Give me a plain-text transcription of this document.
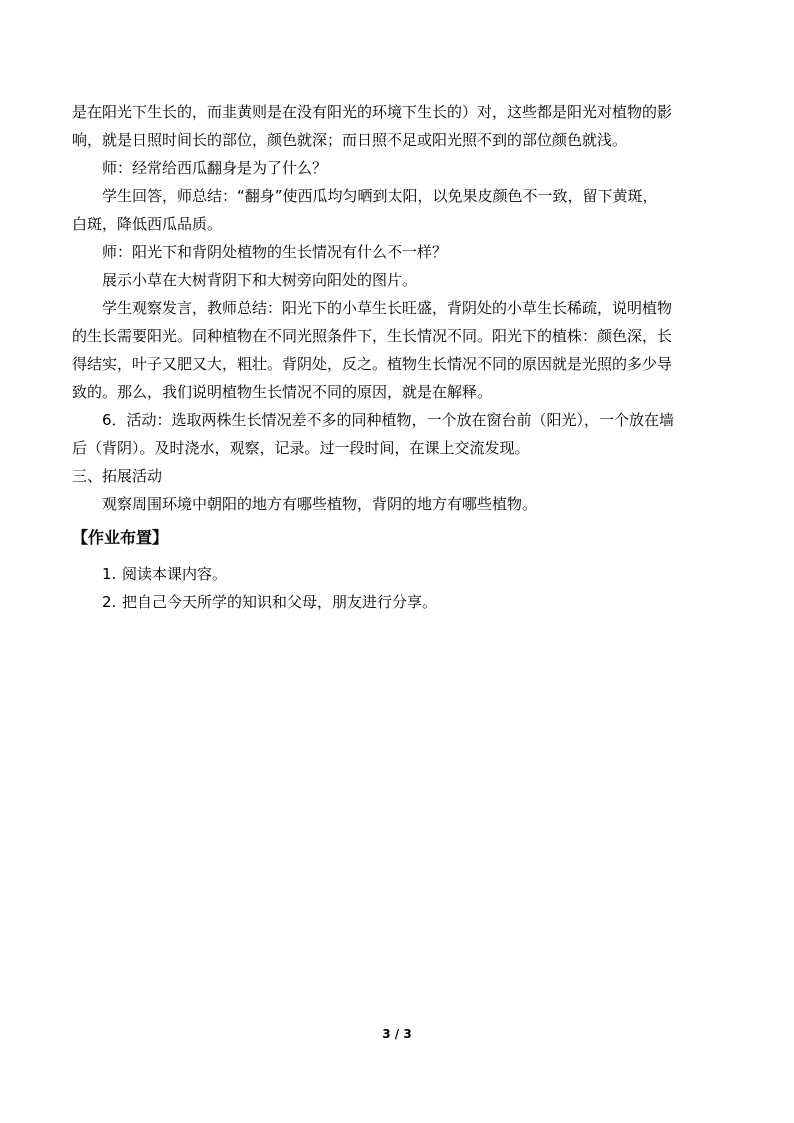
是在阳光下生长的，而韭黄则是在没有阳光的环境下生长的）对，这些都是阳光对植物的影
响，就是日照时间长的部位，颜色就深；而日照不足或阳光照不到的部位颜色就浅。

师：经常给西瓜翻身是为了什么？

学生回答，师总结：“翻身”使西瓜均匀晒到太阳，以免果皮颜色不一致，留下黄斑，

白斑，降低西瓜品质。

师：阳光下和背阴处植物的生长情况有什么不一样？

展示小草在大树背阴下和大树旁向阳处的图片。

学生观察发言，教师总结：阳光下的小草生长旺盛，背阴处的小草生长稀疏，说明植物

的生长需要阳光。同种植物在不同光照条件下，生长情况不同。阳光下的植株：颜色深，长
得结实，叶子又肥又大，粗壮。背阴处，反之。植物生长情况不同的原因就是光照的多少导
致的。那么，我们说明植物生长情况不同的原因，就是在解释。

6．活动：选取两株生长情况差不多的同种植物，一个放在窗台前（阳光），一个放在墙

后（背阴）。及时浇水，观察，记录。过一段时间，在课上交流发现。

三、拓展活动

观察周围环境中朝阳的地方有哪些植物，背阴的地方有哪些植物。

【作业布置】
1. 阅读本课内容。
2. 把自己今天所学的知识和父母，朋友进行分享。
3 / 3
